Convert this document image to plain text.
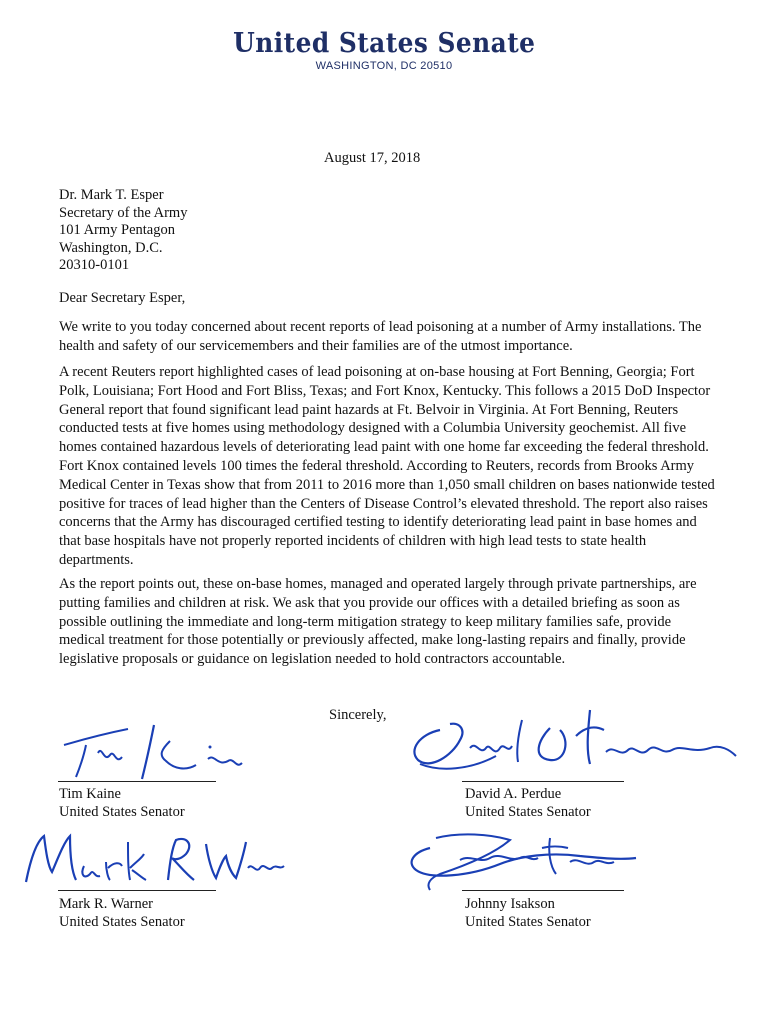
United States Senate
WASHINGTON, DC 20510
August 17, 2018
Dr. Mark T. Esper
Secretary of the Army
101 Army Pentagon
Washington, D.C.
20310-0101
Dear Secretary Esper,
We write to you today concerned about recent reports of lead poisoning at a number of Army installations. The health and safety of our servicemembers and their families are of the utmost importance.
A recent Reuters report highlighted cases of lead poisoning at on-base housing at Fort Benning, Georgia; Fort Polk, Louisiana; Fort Hood and Fort Bliss, Texas; and Fort Knox, Kentucky. This follows a 2015 DoD Inspector General report that found significant lead paint hazards at Ft. Belvoir in Virginia. At Fort Benning, Reuters conducted tests at five homes using methodology designed with a Columbia University geochemist. All five homes contained hazardous levels of deteriorating lead paint with one home far exceeding the federal threshold. Fort Knox contained levels 100 times the federal threshold. According to Reuters, records from Brooks Army Medical Center in Texas show that from 2011 to 2016 more than 1,050 small children on bases nationwide tested positive for traces of lead higher than the Centers of Disease Control’s elevated threshold. The report also raises concerns that the Army has discouraged certified testing to identify deteriorating lead paint in base homes and that base hospitals have not properly reported incidents of children with high lead tests to state health departments.
As the report points out, these on-base homes, managed and operated largely through private partnerships, are putting families and children at risk. We ask that you provide our offices with a detailed briefing as soon as possible outlining the immediate and long-term mitigation strategy to keep military families safe, provide medical treatment for those potentially or previously affected, make long-lasting repairs and finally, provide legislative proposals or guidance on legislation needed to hold contractors accountable.
Sincerely,
Tim Kaine
United States Senator
David A. Perdue
United States Senator
Mark R. Warner
United States Senator
Johnny Isakson
United States Senator
